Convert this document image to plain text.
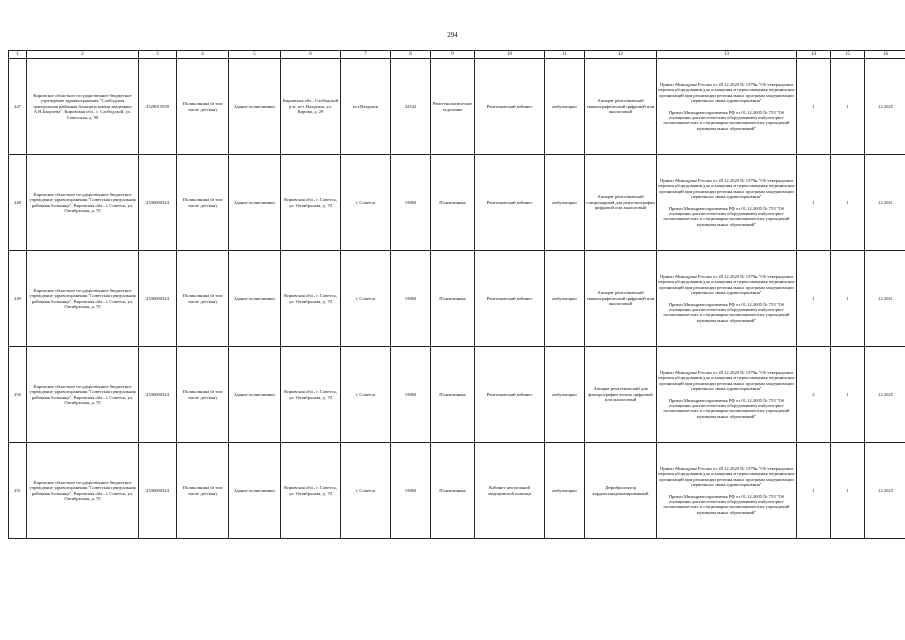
294
1	2	3	4	5	6	7	8	9	10	11	12	13	14	15	16
247	Кировское областное государственное бюджетное учреждение здравоохранения "Слободская центральная районная больница имени академика А.Н.Бакулева", Кировская обл., г. Слободской, ул. Советская, д. 90	4329015939	Поликлиника (в том числе детская)	Здание поликлиники	Кировская обл., Слободской р-н, пгт. Вахруши, ул. Кирова, д. 29	пгт.Вахруши	32542	Рентгенологическое отделение	Рентгеновский кабинет	амбулаторно	Аппарат рентгеновский маммографический цифровой или аналоговый	Приказ Минздрава России от 28.12.2020 № 1379н "Об утверждении перечня оборудования для оснащения и переоснащения медицинских организаций при реализации региональных программ модернизации первичного звена здравоохранения"
Приказ Минздравсоцразвития РФ от 01.12.2005 № 753 "Об оснащении диагностическим оборудованием амбулаторно-поликлинических и стационарно-поликлинических учреждений муниципальных образований"	1	1	12.2025
248	Кировское областное государственное бюджетное учреждение здравоохранения "Советская центральная районная больница", Кировская обл., г. Советск, ул. Октябрьская, д. 70	4330000324	Поликлиника (в том числе детская)	Здание поликлиники	Кировская обл., г. Советск, ул. Октябрьская, д. 70	г. Советск	15860	Поликлиника	Рентгеновский кабинет	амбулаторно	Аппарат рентгеновский стационарный для рентгенографии цифровой или аналоговый	Приказ Минздрава России от 28.12.2020 № 1379н "Об утверждении перечня оборудования для оснащения и переоснащения медицинских организаций при реализации региональных программ модернизации первичного звена здравоохранения"
Приказ Минздравсоцразвития РФ от 01.12.2005 № 753 "Об оснащении диагностическим оборудованием амбулаторно-поликлинических и стационарно-поликлинических учреждений муниципальных образований"	1	1	12.2021
249	Кировское областное государственное бюджетное учреждение здравоохранения "Советская центральная районная больница", Кировская обл., г. Советск, ул. Октябрьская, д. 70	4330000324	Поликлиника (в том числе детская)	Здание поликлиники	Кировская обл., г. Советск, ул. Октябрьская, д. 70	г. Советск	15860	Поликлиника	Рентгеновский кабинет	амбулаторно	Аппарат рентгеновский маммографический цифровой или аналоговый	Приказ Минздрава России от 28.12.2020 № 1379н "Об утверждении перечня оборудования для оснащения и переоснащения медицинских организаций при реализации региональных программ модернизации первичного звена здравоохранения"
Приказ Минздравсоцразвития РФ от 01.12.2005 № 753 "Об оснащении диагностическим оборудованием амбулаторно-поликлинических и стационарно-поликлинических учреждений муниципальных образований"	1	1	12.2021
250	Кировское областное государственное бюджетное учреждение здравоохранения "Советская центральная районная больница", Кировская обл., г. Советск, ул. Октябрьская, д. 70	4330000324	Поликлиника (в том числе детская)	Здание поликлиники	Кировская обл., г. Советск, ул. Октябрьская, д. 70	г. Советск	15860	Поликлиника	Рентгеновский кабинет	амбулаторно	Аппарат рентгеновский для флюорографии легких цифровой или аналоговый	Приказ Минздрава России от 28.12.2020 № 1379н "Об утверждении перечня оборудования для оснащения и переоснащения медицинских организаций при реализации региональных программ модернизации первичного звена здравоохранения"
Приказ Минздравсоцразвития РФ от 01.12.2005 № 753 "Об оснащении диагностическим оборудованием амбулаторно-поликлинических и стационарно-поликлинических учреждений муниципальных образований"	2	1	12.2025
251	Кировское областное государственное бюджетное учреждение здравоохранения "Советская центральная районная больница", Кировская обл., г. Советск, ул. Октябрьская, д. 70	4330000324	Поликлиника (в том числе детская)	Здание поликлиники	Кировская обл., г. Советск, ул. Октябрьская, д. 70	г. Советск	15860	Поликлиника	Кабинет неотложной медицинской помощи	амбулаторно	Дефибриллятор кардиосинхронизированный	Приказ Минздрава России от 28.12.2020 № 1379н "Об утверждении перечня оборудования для оснащения и переоснащения медицинских организаций при реализации региональных программ модернизации первичного звена здравоохранения"
Приказ Минздравсоцразвития РФ от 01.12.2005 № 753 "Об оснащении диагностическим оборудованием амбулаторно-поликлинических и стационарно-поликлинических учреждений муниципальных образований"	1	1	12.2023
